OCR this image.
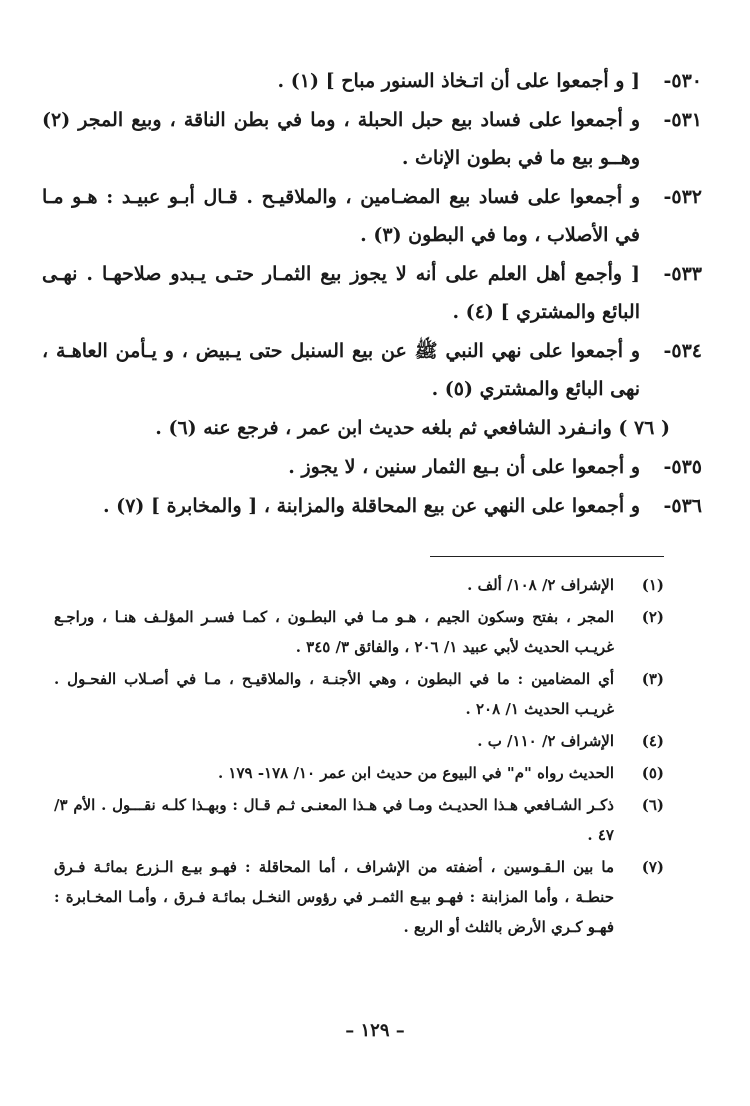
٥٣٠-
[ و أجمعوا على أن اتـخاذ السنور مباح ] (١) .
٥٣١-
و أجمعوا على فساد بيع حبل الحبلة ، وما في بطن الناقة ، وبيع المجر (٢) وهــو بيع ما في بطون الإناث .
٥٣٢-
و أجمعوا على فساد بيع المضـامين ، والملاقيـح . قـال أبـو عبيـد : هـو مـا في الأصلاب ، وما في البطون (٣) .
٥٣٣-
[ وأجمع أهل العلم على أنه لا يجوز بيع الثمـار حتـى يـبدو صلاحهـا . نهـى البائع والمشتري ] (٤) .
٥٣٤-
و أجمعوا على نهي النبي ﷺ عن بيع السنبل حتى يـبيض ، و يـأمن العاهـة ، نهى البائع والمشتري (٥) .
( ٧٦ ) وانـفرد الشافعي ثم بلغه حديث ابن عمر ، فرجع عنه (٦) .
٥٣٥-
و أجمعوا على أن بـيع الثمار سنين ، لا يجوز .
٥٣٦-
و أجمعوا على النهي عن بيع المحاقلة والمزابنة ، [ والمخابرة ] (٧) .
(١)
الإشراف ٢/ ١٠٨/ ألف .
(٢)
المجر ، بفتح وسكون الجيم ، هـو مـا في البطـون ، كمـا فسـر المؤلـف هنـا ، وراجـع غريـب الحديث لأبي عبيد ١/ ٢٠٦ ، والفائق ٣/ ٣٤٥ .
(٣)
أي المضامين : ما في البطون ، وهي الأجنـة ، والملاقيـح ، مـا في أصـلاب الفحـول . غريـب الحديث ١/ ٢٠٨ .
(٤)
الإشراف ٢/ ١١٠/ ب .
(٥)
الحديث رواه "م" في البيوع من حديث ابن عمر ١٠/ ١٧٨- ١٧٩ .
(٦)
ذكـر الشـافعي هـذا الحديـث ومـا في هـذا المعنـى ثـم قـال : وبهـذا كلـه نقـــول . الأم ٣/ ٤٧ .
(٧)
ما بين الـقـوسين ، أضفته من الإشراف ، أما المحاقلة : فهـو بيـع الـزرع بمائـة فـرق حنطـة ، وأما المزابنة : فهـو بيـع الثمـر في رؤوس النخـل بمائـة فـرق ، وأمـا المخـابرة : فهـو كـري الأرض بالثلث أو الربع .
– ١٢٩ –
